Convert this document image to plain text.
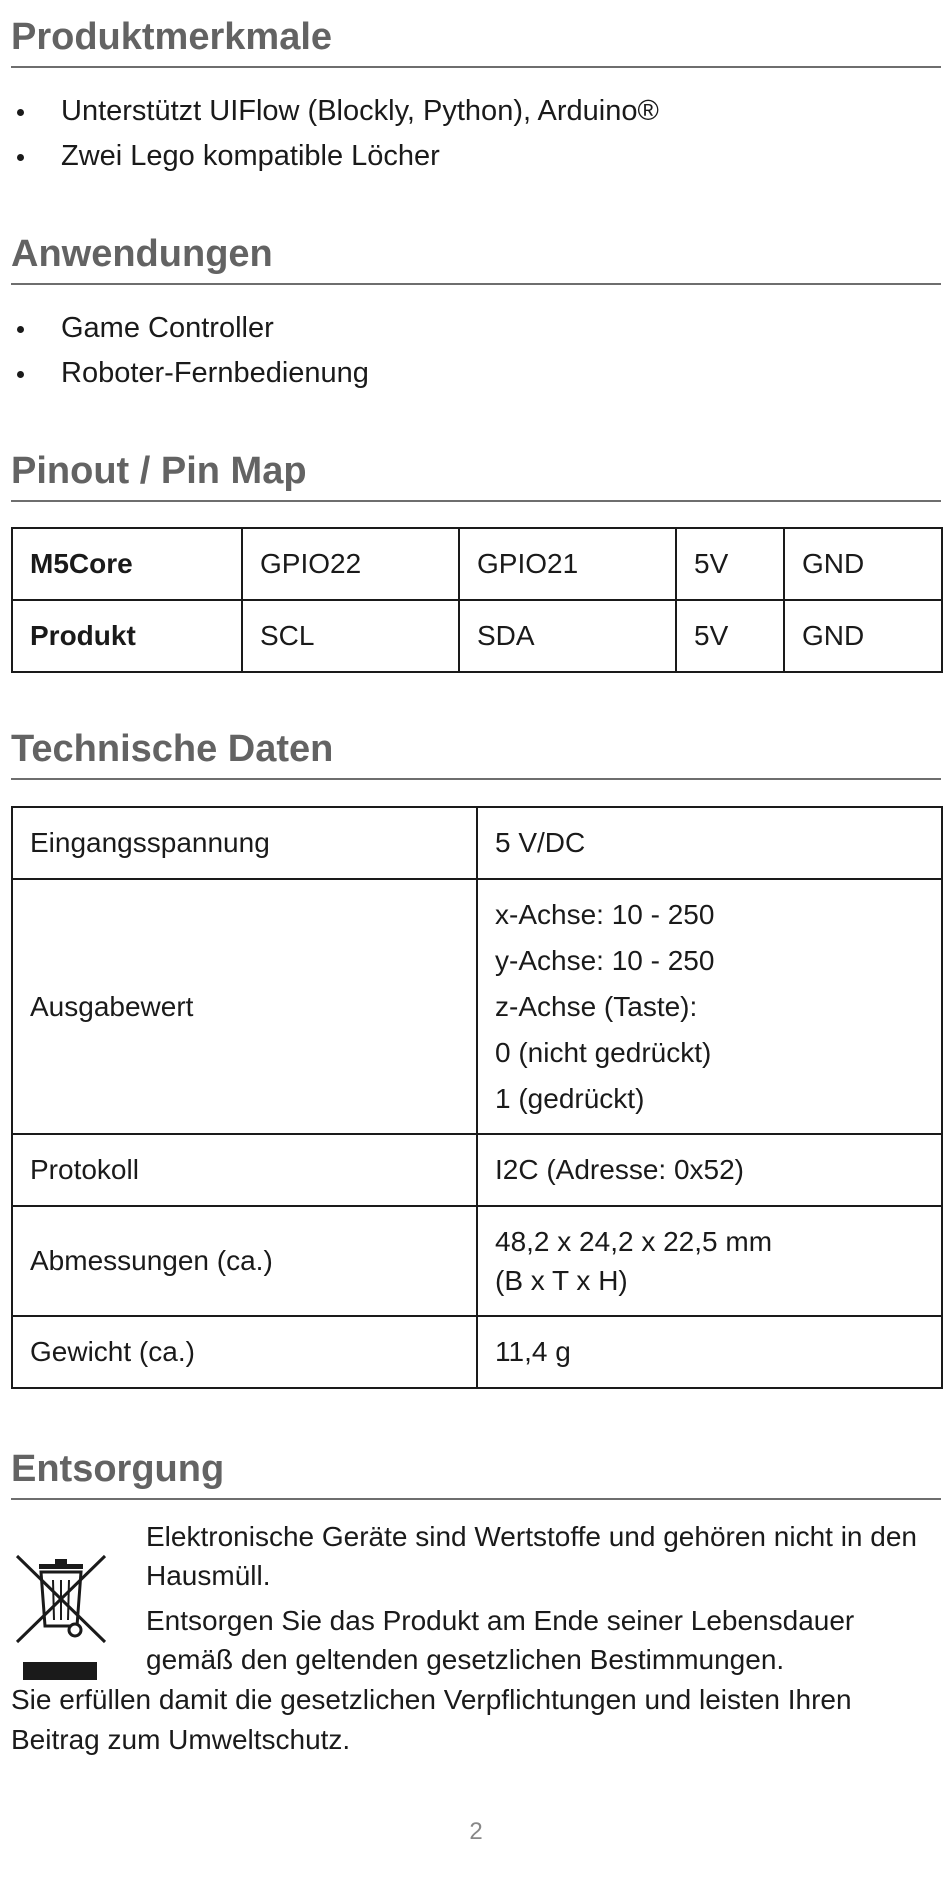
Produktmerkmale
Unterstützt UIFlow (Blockly, Python), Arduino®
Zwei Lego kompatible Löcher
Anwendungen
Game Controller
Roboter-Fernbedienung
Pinout / Pin Map
M5Core	GPIO22	GPIO21	5V	GND
Produkt	SCL	SDA	5V	GND
Technische Daten
Eingangsspannung	5 V/DC
Ausgabewert	x-Achse: 10 - 250
y-Achse: 10 - 250
z-Achse (Taste):
0 (nicht gedrückt)
1 (gedrückt)

Protokoll	I2C (Adresse: 0x52)
Abmessungen (ca.)	48,2 x 24,2 x 22,5 mm
(B x T x H)

Gewicht (ca.)	11,4 g
Entsorgung

Elektronische Geräte sind Wertstoffe und gehören nicht in den Hausmüll.

Entsorgen Sie das Produkt am Ende seiner Lebensdauer gemäß den geltenden gesetzlichen Bestimmungen.

Sie erfüllen damit die gesetzlichen Verpflichtungen und leisten Ihren Beitrag zum Umweltschutz.
2
